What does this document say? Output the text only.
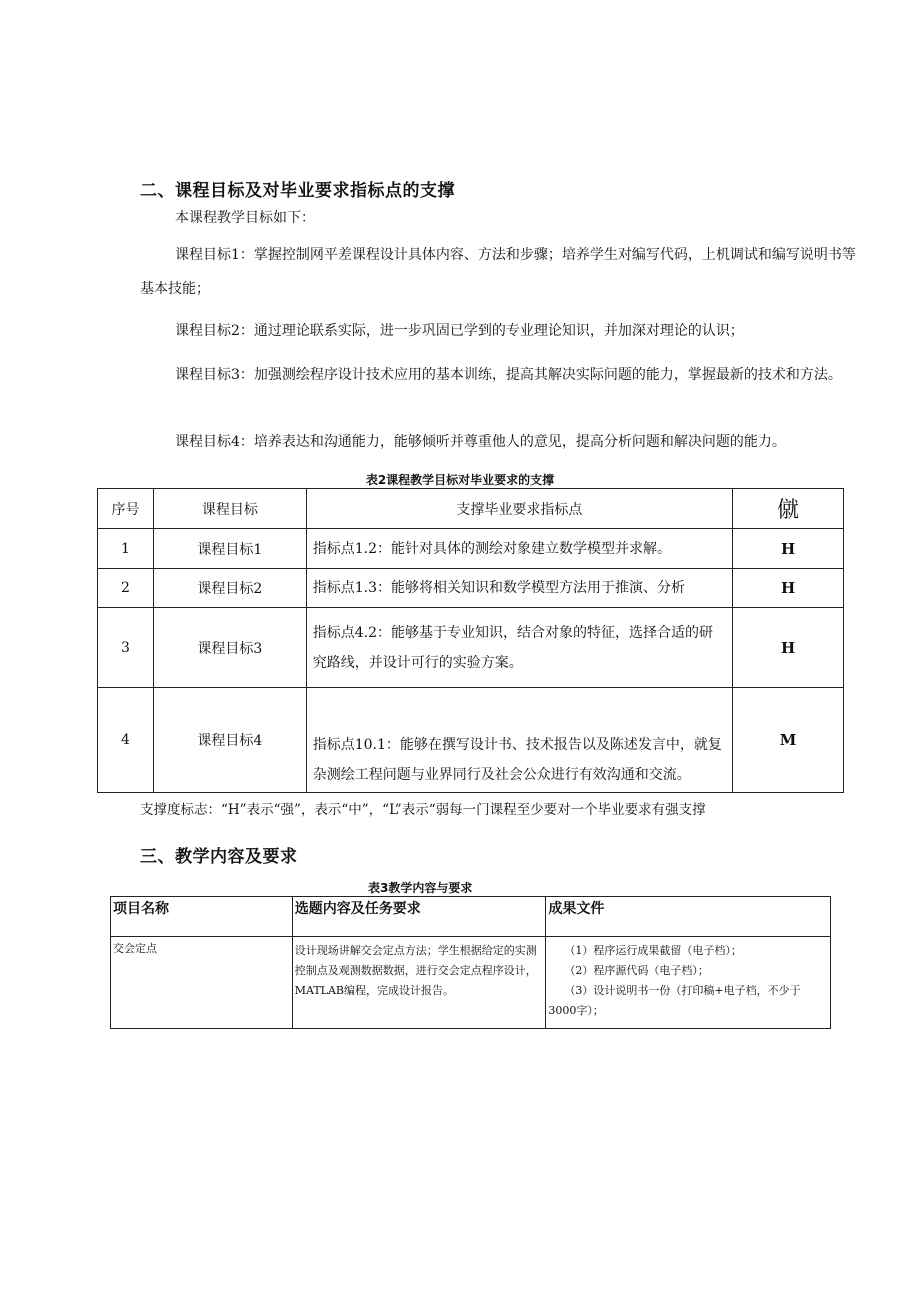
二、课程目标及对毕业要求指标点的支撑
本课程教学目标如下：
课程目标1：掌握控制网平差课程设计具体内容、方法和步骤；培养学生对编写代码，上机调试和编写说明书等基本技能；
课程目标2：通过理论联系实际，进一步巩固已学到的专业理论知识，并加深对理论的认识；
课程目标3：加强测绘程序设计技术应用的基本训练，提高其解决实际问题的能力，掌握最新的技术和方法。
课程目标4：培养表达和沟通能力，能够倾听并尊重他人的意见，提高分析问题和解决问题的能力。
表2课程教学目标对毕业要求的支撑
序号	课程目标	支撑毕业要求指标点	僦
1	课程目标1	指标点1.2：能针对具体的测绘对象建立数学模型并求解。	H
2	课程目标2	指标点1.3：能够将相关知识和数学模型方法用于推演、分析	H
3	课程目标3	指标点4.2：能够基于专业知识，结合对象的特征，选择合适的研究路线，并设计可行的实验方案。	H
4	课程目标4	指标点10.1：能够在撰写设计书、技术报告以及陈述发言中，就复杂测绘工程问题与业界同行及社会公众进行有效沟通和交流。	M
支撑度标志：“H”表示“强”，表示“中”，“L”表示“弱每一门课程至少要对一个毕业要求有强支撑
三、教学内容及要求
表3教学内容与要求
项目名称	选题内容及任务要求	成果文件
交会定点	设计现场讲解交会定点方法；学生根据给定的实测控制点及观测数据数据，进行交会定点程序设计，MATLAB编程，完成设计报告。	（1）程序运行成果截留（电子档）；
（2）程序源代码（电子档）；
（3）设计说明书一份（打印稿+电子档，不少于3000字）；
